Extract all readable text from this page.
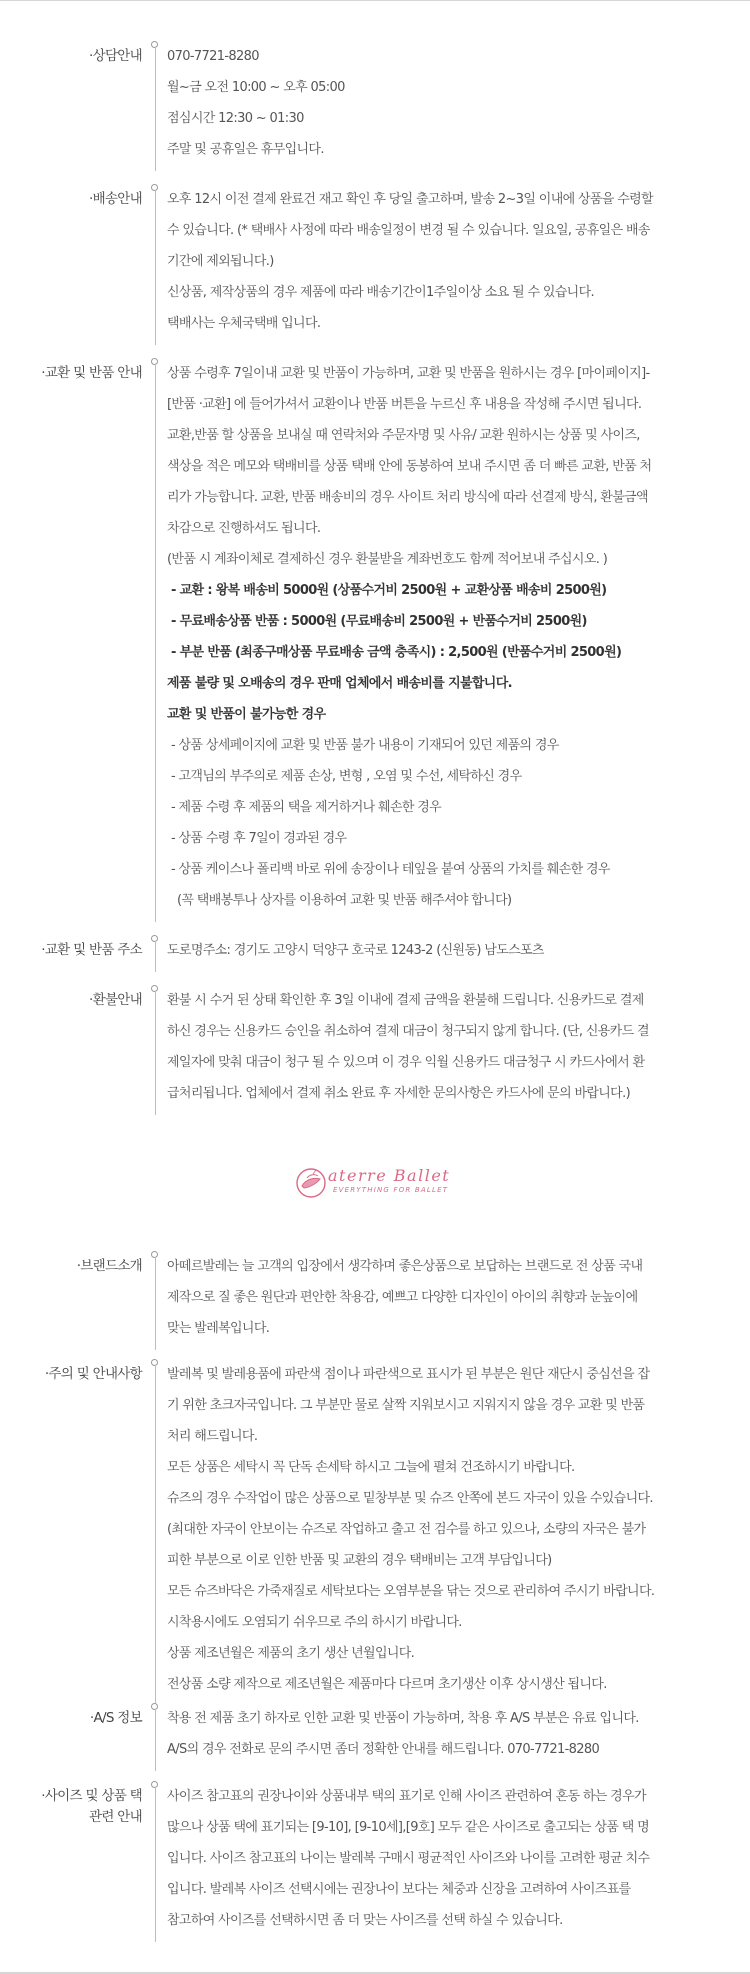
·상담안내 070-7721-8280
월~금 오전 10:00 ~ 오후 05:00
점심시간 12:30 ~ 01:30
주말 및 공휴일은 휴무입니다.
·배송안내 오후 12시 이전 결제 완료건 재고 확인 후 당일 출고하며, 발송 2~3일 이내에 상품을 수령할
수 있습니다. (* 택배사 사정에 따라 배송일정이 변경 될 수 있습니다. 일요일, 공휴일은 배송
기간에 제외됩니다.)
신상품, 제작상품의 경우 제품에 따라 배송기간이1주일이상 소요 될 수 있습니다.
택배사는 우체국택배 입니다.
·교환 및 반품 안내 상품 수령후 7일이내 교환 및 반품이 가능하며, 교환 및 반품을 원하시는 경우 [마이페이지]-
[반품 ·교환] 에 들어가셔서 교환이나 반품 버튼을 누르신 후 내용을 작성해 주시면 됩니다.
교환,반품 할 상품을 보내실 때 연락처와 주문자명 및 사유/ 교환 원하시는 상품 및 사이즈,
색상을 적은 메모와 택배비를 상품 택배 안에 동봉하여 보내 주시면 좀 더 빠른 교환, 반품 처
리가 가능합니다. 교환, 반품 배송비의 경우 사이트 처리 방식에 따라 선결제 방식, 환불금액
차감으로 진행하셔도 됩니다.
(반품 시 계좌이체로 결제하신 경우 환불받을 계좌번호도 함께 적어보내 주십시오. )
- 교환 : 왕복 배송비 5000원 (상품수거비 2500원 + 교환상품 배송비 2500원)
- 무료배송상품 반품 : 5000원 (무료배송비 2500원 + 반품수거비 2500원)
- 부분 반품 (최종구매상품 무료배송 금액 충족시) : 2,500원 (반품수거비 2500원)
제품 불량 및 오배송의 경우 판매 업체에서 배송비를 지불합니다.
교환 및 반품이 불가능한 경우
- 상품 상세페이지에 교환 및 반품 불가 내용이 기재되어 있던 제품의 경우
- 고객님의 부주의로 제품 손상, 변형 , 오염 및 수선, 세탁하신 경우
- 제품 수령 후 제품의 택을 제거하거나 훼손한 경우
- 상품 수령 후 7일이 경과된 경우
- 상품 케이스나 폴리백 바로 위에 송장이나 테잎을 붙여 상품의 가치를 훼손한 경우
(꼭 택배봉투나 상자를 이용하여 교환 및 반품 해주셔야 합니다)
·교환 및 반품 주소 도로명주소: 경기도 고양시 덕양구 호국로 1243-2 (신원동) 남도스포츠
·환불안내 환불 시 수거 된 상태 확인한 후 3일 이내에 결제 금액을 환불해 드립니다. 신용카드로 결제
하신 경우는 신용카드 승인을 취소하여 결제 대금이 청구되지 않게 합니다. (단, 신용카드 결
제일자에 맞춰 대금이 청구 될 수 있으며 이 경우 익월 신용카드 대금청구 시 카드사에서 환
급처리됩니다. 업체에서 결제 취소 완료 후 자세한 문의사항은 카드사에 문의 바랍니다.)
aterre Ballet
EVERYTHING FOR BALLET
·브랜드소개 아떼르발레는 늘 고객의 입장에서 생각하며 좋은상품으로 보답하는 브랜드로 전 상품 국내
제작으로 질 좋은 원단과 편안한 착용감, 예쁘고 다양한 디자인이 아이의 취향과 눈높이에
맞는 발레복입니다.
·주의 및 안내사항 발레복 및 발레용품에 파란색 점이나 파란색으로 표시가 된 부분은 원단 재단시 중심선을 잡
기 위한 초크자국입니다. 그 부분만 물로 살짝 지워보시고 지워지지 않을 경우 교환 및 반품
처리 해드립니다.
모든 상품은 세탁시 꼭 단독 손세탁 하시고 그늘에 펼쳐 건조하시기 바랍니다.
슈즈의 경우 수작업이 많은 상품으로 밑창부분 및 슈즈 안쪽에 본드 자국이 있을 수있습니다.
(최대한 자국이 안보이는 슈즈로 작업하고 출고 전 검수를 하고 있으나, 소량의 자국은 불가
피한 부분으로 이로 인한 반품 및 교환의 경우 택배비는 고객 부담입니다)
모든 슈즈바닥은 가죽재질로 세탁보다는 오염부분을 닦는 것으로 관리하여 주시기 바랍니다.
시착용시에도 오염되기 쉬우므로 주의 하시기 바랍니다.
상품 제조년월은 제품의 초기 생산 년월입니다.
전상품 소량 제작으로 제조년월은 제품마다 다르며 초기생산 이후 상시생산 됩니다.
·A/S 정보 착용 전 제품 초기 하자로 인한 교환 및 반품이 가능하며, 착용 후 A/S 부분은 유료 입니다.
A/S의 경우 전화로 문의 주시면 좀더 정확한 안내를 해드립니다. 070-7721-8280
·사이즈 및 상품 택
관련 안내
사이즈 참고표의 권장나이와 상품내부 택의 표기로 인해 사이즈 관련하여 혼동 하는 경우가
많으나 상품 택에 표기되는 [9-10], [9-10세],[9호] 모두 같은 사이즈로 출고되는 상품 택 명
입니다. 사이즈 참고표의 나이는 발레복 구매시 평균적인 사이즈와 나이를 고려한 평균 치수
입니다. 발레복 사이즈 선택시에는 권장나이 보다는 체중과 신장을 고려하여 사이즈표를
참고하여 사이즈를 선택하시면 좀 더 맞는 사이즈를 선택 하실 수 있습니다.
